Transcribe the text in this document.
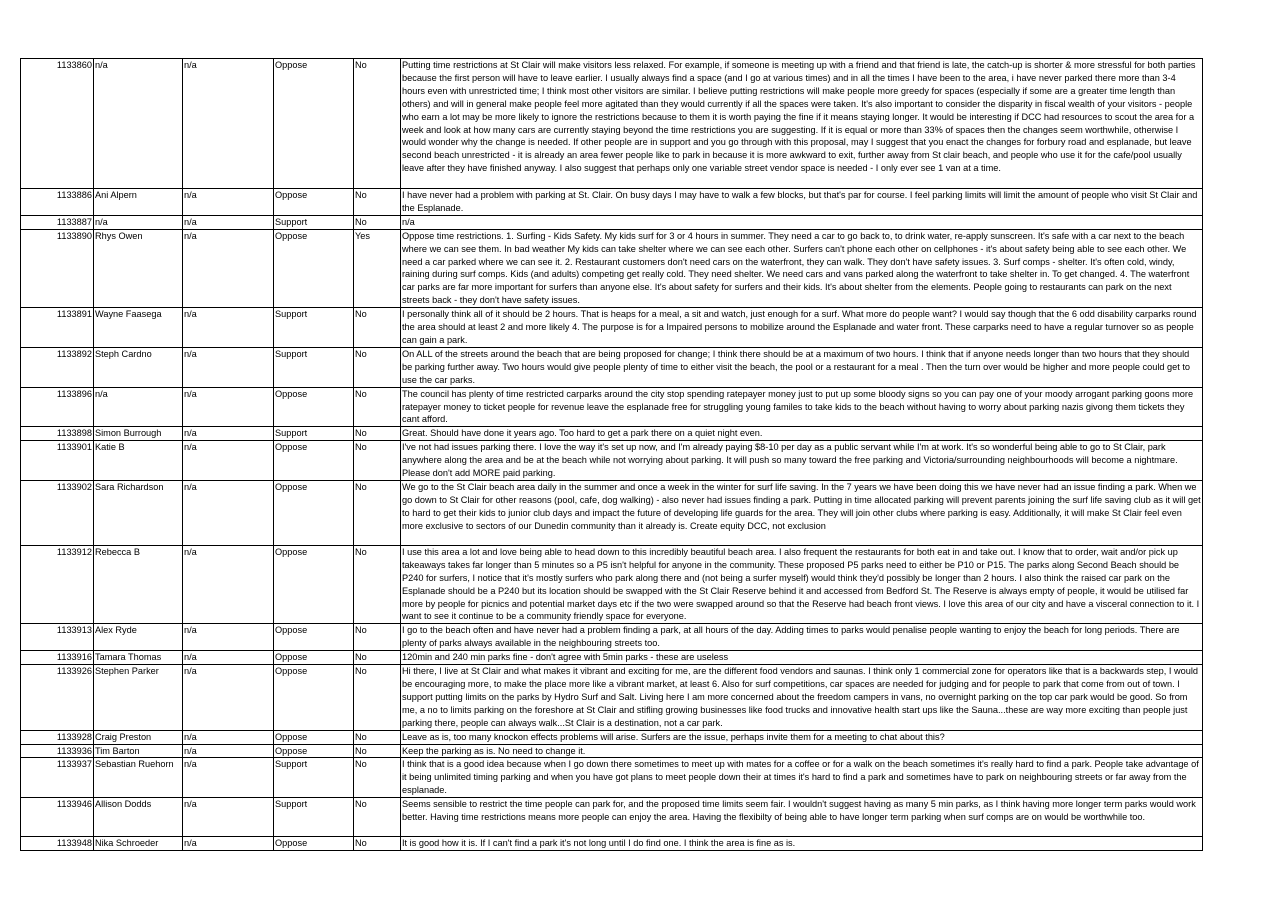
1133860	n/a	n/a	Oppose	No	Putting time restrictions at St Clair will make visitors less relaxed. For example, if someone is meeting up with a friend and that friend is late, the catch-up is shorter & more stressful for both parties because the first person will have to leave earlier. I usually always find a space (and I go at various times) and in all the times I have been to the area, i have never parked there more than 3-4 hours even with unrestricted time; I think most other visitors are similar. I believe putting restrictions will make people more greedy for spaces (especially if some are a greater time length than others) and will in general make people feel more agitated than they would currently if all the spaces were taken. It's also important to consider the disparity in fiscal wealth of your visitors - people who earn a lot may be more likely to ignore the restrictions because to them it is worth paying the fine if it means staying longer. It would be interesting if DCC had resources to scout the area for a week and look at how many cars are currently staying beyond the time restrictions you are suggesting. If it is equal or more than 33% of spaces then the changes seem worthwhile, otherwise I would wonder why the change is needed. If other people are in support and you go through with this proposal, may I suggest that you enact the changes for forbury road and esplanade, but leave second beach unrestricted - it is already an area fewer people like to park in because it is more awkward to exit, further away from St clair beach, and people who use it for the cafe/pool usually leave after they have finished anyway. I also suggest that perhaps only one variable street vendor space is needed - I only ever see 1 van at a time.
1133886	Ani Alpern	n/a	Oppose	No	I have never had a problem with parking at St. Clair. On busy days I may have to walk a few blocks, but that's par for course. I feel parking limits will limit the amount of people who visit St Clair and the Esplanade.
1133887	n/a	n/a	Support	No	n/a
1133890	Rhys Owen	n/a	Oppose	Yes	Oppose time restrictions. 1. Surfing - Kids Safety. My kids surf for 3 or 4 hours in summer. They need a car to go back to, to drink water, re-apply sunscreen. It's safe with a car next to the beach where we can see them. In bad weather My kids can take shelter where we can see each other. Surfers can't phone each other on cellphones - it's about safety being able to see each other. We need a car parked where we can see it. 2. Restaurant customers don't need cars on the waterfront, they can walk. They don't have safety issues. 3. Surf comps - shelter. It's often cold, windy, raining during surf comps. Kids (and adults) competing get really cold. They need shelter. We need cars and vans parked along the waterfront to take shelter in. To get changed. 4. The waterfront car parks are far more important for surfers than anyone else. It's about safety for surfers and their kids. It's about shelter from the elements. People going to restaurants can park on the next streets back - they don't have safety issues.
1133891	Wayne Faasega	n/a	Support	No	I personally think all of it should be 2 hours. That is heaps for a meal, a sit and watch, just enough for a surf. What more do people want? I would say though that the 6 odd disability carparks round the area should at least 2 and more likely 4. The purpose is for a Impaired persons to mobilize around the Esplanade and water front. These carparks need to have a regular turnover so as people can gain a park.
1133892	Steph Cardno	n/a	Support	No	On ALL of the streets around the beach that are being proposed for change; I think there should be at a maximum of two hours. I think that if anyone needs longer than two hours that they should be parking further away. Two hours would give people plenty of time to either visit the beach, the pool or a restaurant for a meal . Then the turn over would be higher and more people could get to use the car parks.
1133896	n/a	n/a	Oppose	No	The council has plenty of time restricted carparks around the city stop spending ratepayer money just to put up some bloody signs so you can pay one of your moody arrogant parking goons more ratepayer money to ticket people for revenue leave the esplanade free for struggling young familes to take kids to the beach without having to worry about parking nazis givong them tickets they cant afford.
1133898	Simon Burrough	n/a	Support	No	Great. Should have done it years ago. Too hard to get a park there on a quiet night even.
1133901	Katie B	n/a	Oppose	No	I've not had issues parking there. I love the way it's set up now, and I'm already paying $8-10 per day as a public servant while I'm at work. It's so wonderful being able to go to St Clair, park anywhere along the area and be at the beach while not worrying about parking. It will push so many toward the free parking and Victoria/surrounding neighbourhoods will become a nightmare. Please don't add MORE paid parking.
1133902	Sara Richardson	n/a	Oppose	No	We go to the St Clair beach area daily in the summer and once a week in the winter for surf life saving. In the 7 years we have been doing this we have never had an issue finding a park. When we go down to St Clair for other reasons (pool, cafe, dog walking) - also never had issues finding a park. Putting in time allocated parking will prevent parents joining the surf life saving club as it will get to hard to get their kids to junior club days and impact the future of developing life guards for the area. They will join other clubs where parking is easy. Additionally, it will make St Clair feel even more exclusive to sectors of our Dunedin community than it already is. Create equity DCC, not exclusion
1133912	Rebecca B	n/a	Oppose	No	I use this area a lot and love being able to head down to this incredibly beautiful beach area. I also frequent the restaurants for both eat in and take out. I know that to order, wait and/or pick up takeaways takes far longer than 5 minutes so a P5 isn't helpful for anyone in the community. These proposed P5 parks need to either be P10 or P15. The parks along Second Beach should be P240 for surfers, I notice that it's mostly surfers who park along there and (not being a surfer myself) would think they'd possibly be longer than 2 hours. I also think the raised car park on the Esplanade should be a P240 but its location should be swapped with the St Clair Reserve behind it and accessed from Bedford St. The Reserve is always empty of people, it would be utilised far more by people for picnics and potential market days etc if the two were swapped around so that the Reserve had beach front views. I love this area of our city and have a visceral connection to it. I want to see it continue to be a community friendly space for everyone.
1133913	Alex Ryde	n/a	Oppose	No	I go to the beach often and have never had a problem finding a park, at all hours of the day. Adding times to parks would penalise people wanting to enjoy the beach for long periods. There are plenty of parks always available in the neighbouring streets too.
1133916	Tamara Thomas	n/a	Oppose	No	120min and 240 min parks fine - don't agree with 5min parks - these are useless
1133926	Stephen Parker	n/a	Oppose	No	Hi there, I live at St Clair and what makes it vibrant and exciting for me, are the different food vendors and saunas. I think only 1 commercial zone for operators like that is a backwards step, I would be encouraging more, to make the place more like a vibrant market, at least 6. Also for surf competitions, car spaces are needed for judging and for people to park that come from out of town. I support putting limits on the parks by Hydro Surf and Salt. Living here I am more concerned about the freedom campers in vans, no overnight parking on the top car park would be good. So from me, a no to limits parking on the foreshore at St Clair and stifling growing businesses like food trucks and innovative health start ups like the Sauna...these are way more exciting than people just parking there, people can always walk...St Clair is a destination, not a car park.
1133928	Craig Preston	n/a	Oppose	No	Leave as is, too many knockon effects problems will arise. Surfers are the issue, perhaps invite them for a meeting to chat about this?
1133936	Tim Barton	n/a	Oppose	No	Keep the parking as is. No need to change it.
1133937	Sebastian Ruehorn	n/a	Support	No	I think that is a good idea because when I go down there sometimes to meet up with mates for a coffee or for a walk on the beach sometimes it's really hard to find a park. People take advantage of it being unlimited timing parking and when you have got plans to meet people down their at times it's hard to find a park and sometimes have to park on neighbouring streets or far away from the esplanade.
1133946	Allison Dodds	n/a	Support	No	Seems sensible to restrict the time people can park for, and the proposed time limits seem fair. I wouldn't suggest having as many 5 min parks, as I think having more longer term parks would work better. Having time restrictions means more people can enjoy the area. Having the flexibilty of being able to have longer term parking when surf comps are on would be worthwhile too.
1133948	Nika Schroeder	n/a	Oppose	No	It is good how it is. If I can't find a park it's not long until I do find one. I think the area is fine as is.
